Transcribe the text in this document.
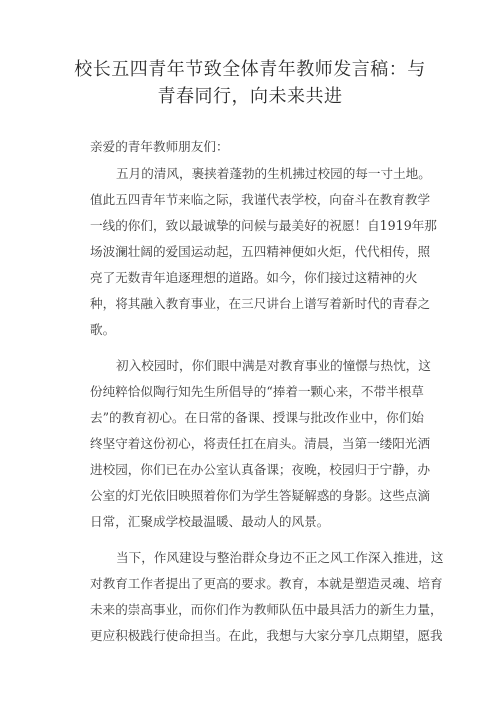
校长五四青年节致全体青年教师发言稿：与
青春同行，向未来共进

亲爱的青年教师朋友们：

五月的清风，裹挟着蓬勃的生机拂过校园的每一寸土地。
值此五四青年节来临之际，我谨代表学校，向奋斗在教育教学
一线的你们，致以最诚挚的问候与最美好的祝愿！自1919年那
场波澜壮阔的爱国运动起，五四精神便如火炬，代代相传，照
亮了无数青年追逐理想的道路。如今，你们接过这精神的火
种，将其融入教育事业，在三尺讲台上谱写着新时代的青春之
歌。
初入校园时，你们眼中满是对教育事业的憧憬与热忱，这
份纯粹恰似陶行知先生所倡导的“捧着一颗心来，不带半根草
去”的教育初心。在日常的备课、授课与批改作业中，你们始
终坚守着这份初心，将责任扛在肩头。清晨，当第一缕阳光洒
进校园，你们已在办公室认真备课；夜晚，校园归于宁静，办
公室的灯光依旧映照着你们为学生答疑解惑的身影。这些点滴
日常，汇聚成学校最温暖、最动人的风景。
当下，作风建设与整治群众身边不正之风工作深入推进，这
对教育工作者提出了更高的要求。教育，本就是塑造灵魂、培育
未来的崇高事业，而你们作为教师队伍中最具活力的新生力量，
更应积极践行使命担当。在此，我想与大家分享几点期望，愿我
